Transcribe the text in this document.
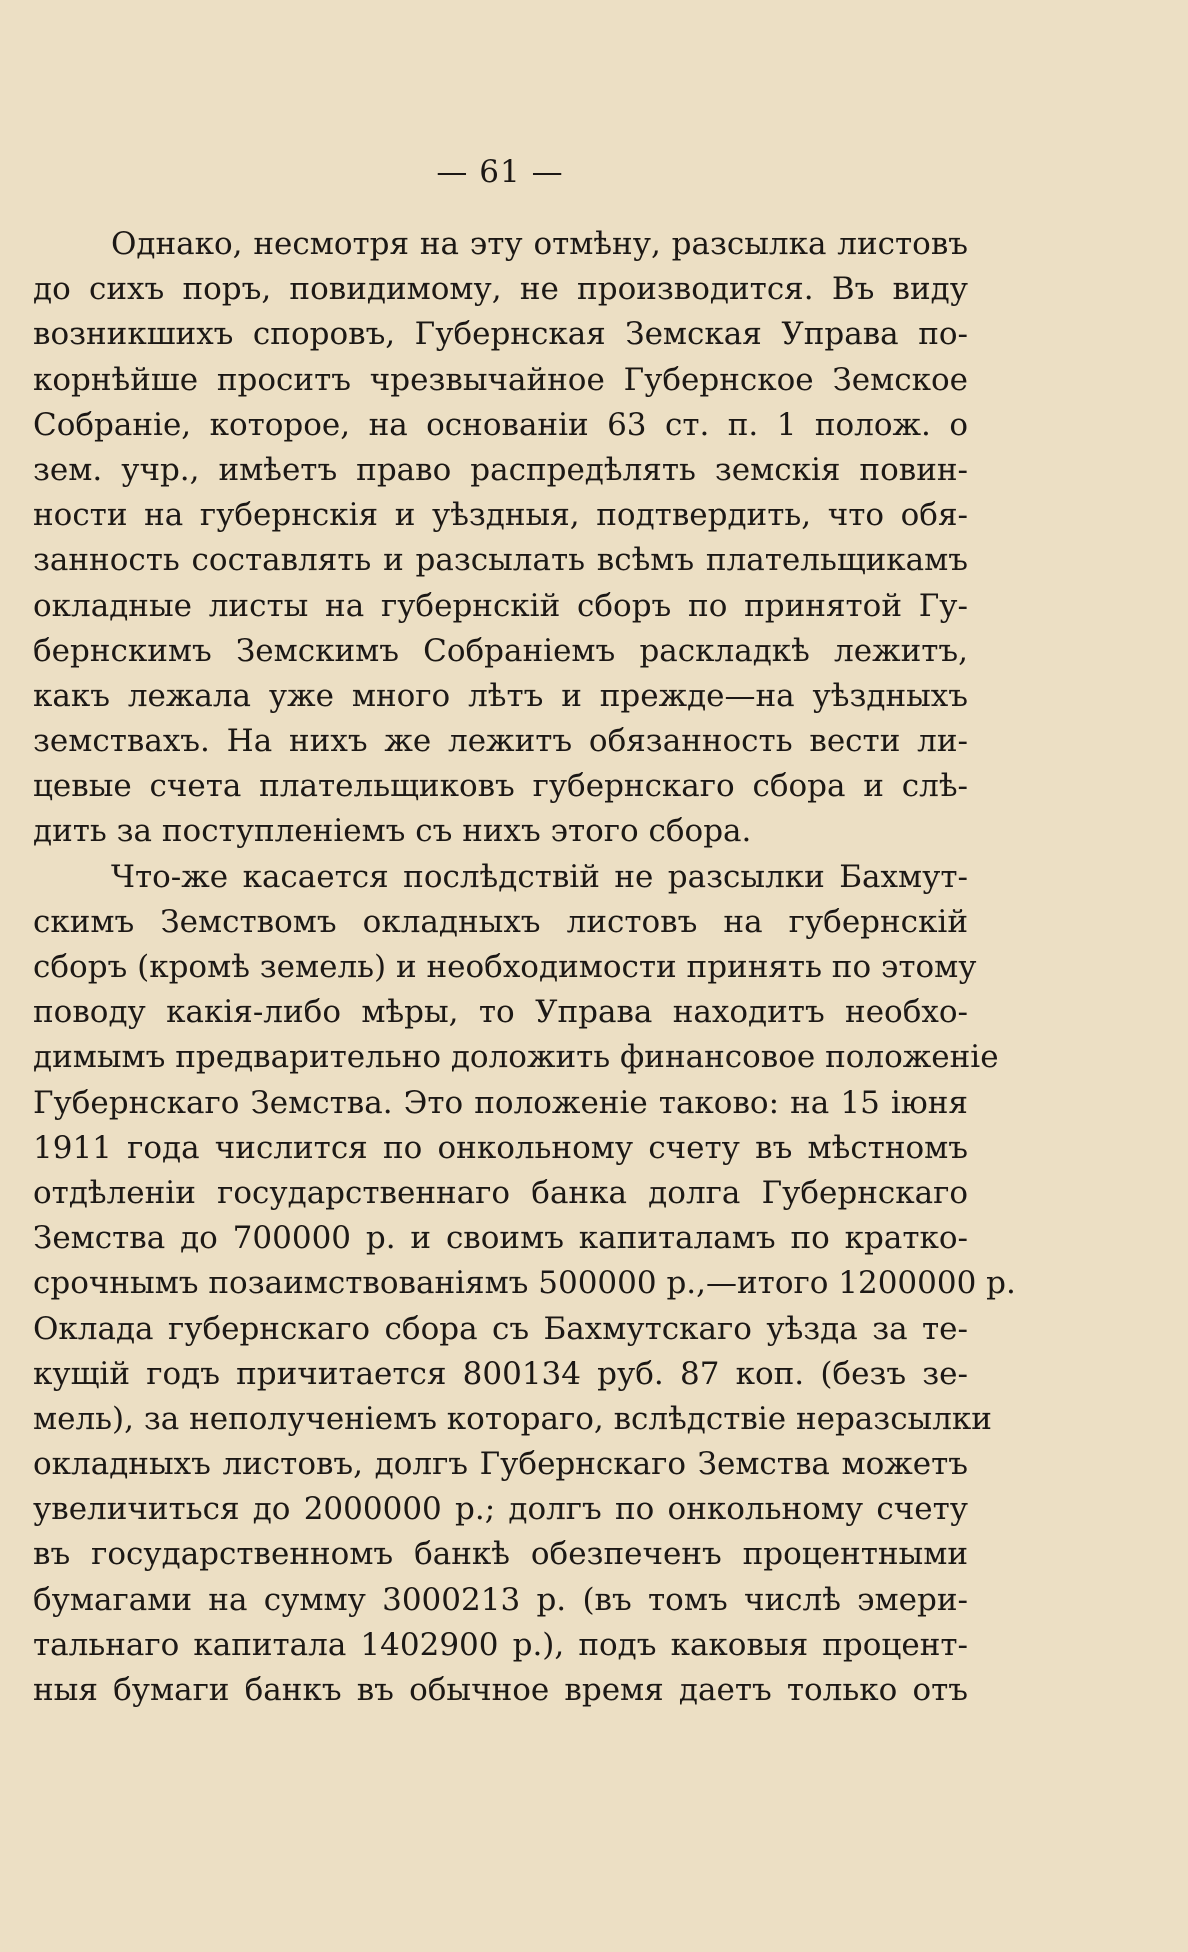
— 61 —
Однако, несмотря на эту отмѣну, разсылка листовъ
до сихъ поръ, повидимому, не производится. Въ виду
возникшихъ споровъ, Губернская Земская Управа по-
корнѣйше проситъ чрезвычайное Губернское Земское
Собраніе, которое, на основаніи 63 ст. п. 1 полож. о
зем. учр., имѣетъ право распредѣлять земскія повин-
ности на губернскія и уѣздныя, подтвердить, что обя-
занность составлять и разсылать всѣмъ плательщикамъ
окладные листы на губернскій сборъ по принятой Гу-
бернскимъ Земскимъ Собраніемъ раскладкѣ лежитъ,
какъ лежала уже много лѣтъ и прежде—на уѣздныхъ
земствахъ. На нихъ же лежитъ обязанность вести ли-
цевые счета плательщиковъ губернскаго сбора и слѣ-
дить за поступленіемъ съ нихъ этого сбора.
Что-же касается послѣдствій не разсылки Бахмут-
скимъ Земствомъ окладныхъ листовъ на губернскій
сборъ (кромѣ земель) и необходимости принять по этому
поводу какія-либо мѣры, то Управа находитъ необхо-
димымъ предварительно доложить финансовое положеніе
Губернскаго Земства. Это положеніе таково: на 15 іюня
1911 года числится по онкольному счету въ мѣстномъ
отдѣленіи государственнаго банка долга Губернскаго
Земства до 700000 р. и своимъ капиталамъ по кратко-
срочнымъ позаимствованіямъ 500000 р.,—итого 1200000 р.
Оклада губернскаго сбора съ Бахмутскаго уѣзда за те-
кущій годъ причитается 800134 руб. 87 коп. (безъ зе-
мель), за неполученіемъ котораго, вслѣдствіе неразсылки
окладныхъ листовъ, долгъ Губернскаго Земства можетъ
увеличиться до 2000000 р.; долгъ по онкольному счету
въ государственномъ банкѣ обезпеченъ процентными
бумагами на сумму 3000213 р. (въ томъ числѣ эмери-
тальнаго капитала 1402900 р.), подъ каковыя процент-
ныя бумаги банкъ въ обычное время даетъ только отъ
